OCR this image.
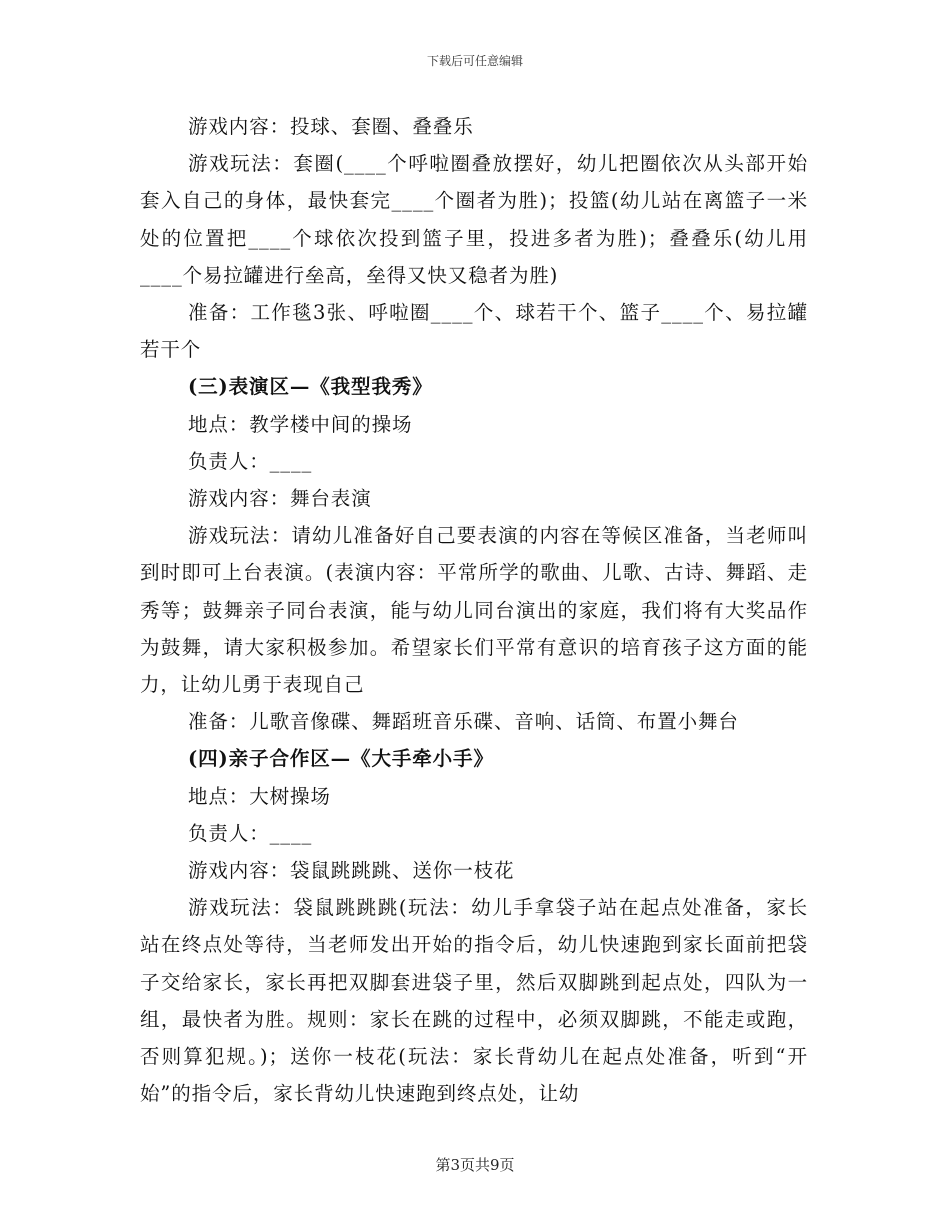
下载后可任意编辑

游戏内容：投球、套圈、叠叠乐

游戏玩法：套圈(____个呼啦圈叠放摆好，幼儿把圈依次从头部开始套入自己的身体，最快套完____个圈者为胜)；投篮(幼儿站在离篮子一米处的位置把____个球依次投到篮子里，投进多者为胜)；叠叠乐(幼儿用____个易拉罐进行垒高，垒得又快又稳者为胜)

准备：工作毯3张、呼啦圈____个、球若干个、篮子____个、易拉罐若干个

(三)表演区—《我型我秀》

地点：教学楼中间的操场

负责人：____

游戏内容：舞台表演

游戏玩法：请幼儿准备好自己要表演的内容在等候区准备，当老师叫到时即可上台表演。(表演内容：平常所学的歌曲、儿歌、古诗、舞蹈、走秀等；鼓舞亲子同台表演，能与幼儿同台演出的家庭，我们将有大奖品作为鼓舞，请大家积极参加。希望家长们平常有意识的培育孩子这方面的能力，让幼儿勇于表现自己

准备：儿歌音像碟、舞蹈班音乐碟、音响、话筒、布置小舞台

(四)亲子合作区—《大手牵小手》

地点：大树操场

负责人：____

游戏内容：袋鼠跳跳跳、送你一枝花

游戏玩法：袋鼠跳跳跳(玩法：幼儿手拿袋子站在起点处准备，家长站在终点处等待，当老师发出开始的指令后，幼儿快速跑到家长面前把袋子交给家长，家长再把双脚套进袋子里，然后双脚跳到起点处，四队为一组，最快者为胜。规则：家长在跳的过程中，必须双脚跳，不能走或跑，否则算犯规。)；送你一枝花(玩法：家长背幼儿在起点处准备，听到“开始”的指令后，家长背幼儿快速跑到终点处，让幼

第3页共9页
